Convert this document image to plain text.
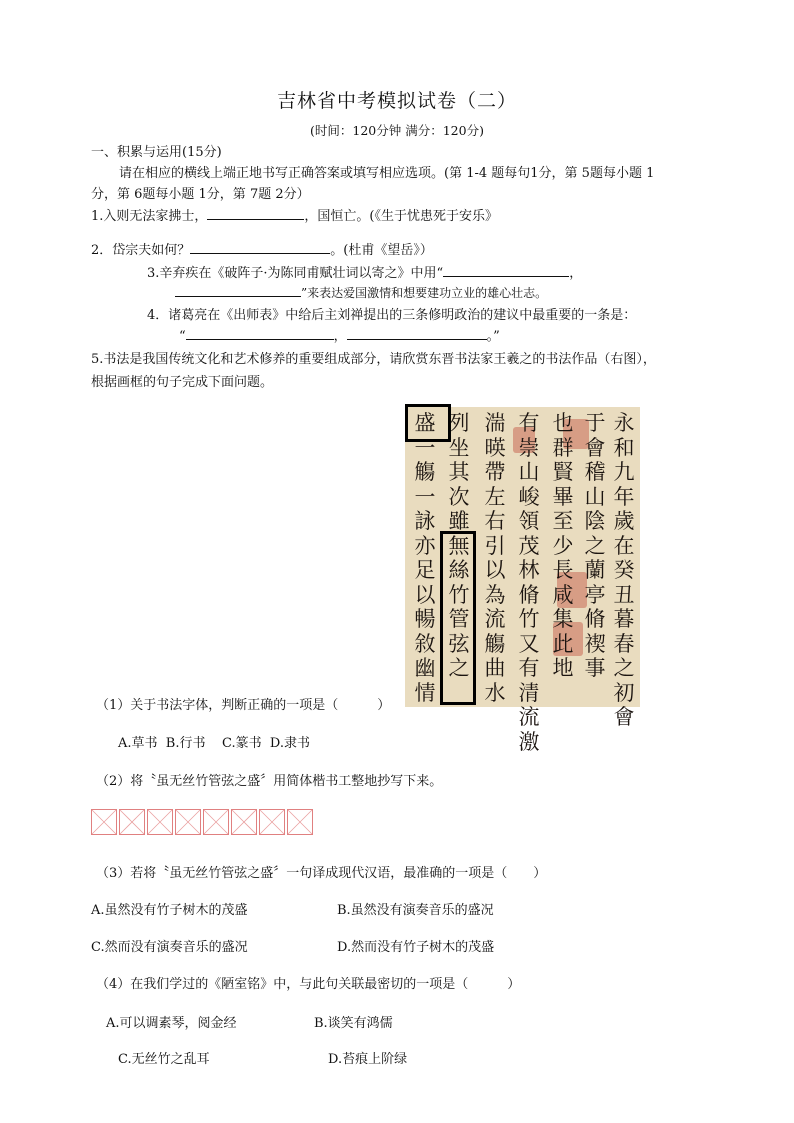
吉林省中考模拟试卷（二）
(时间：120分钟 满分：120分)
一、积累与运用(15分)
请在相应的横线上端正地书写正确答案或填写相应选项。(第 1-4 题每句1分，第 5题每小题 1
分，第 6题每小题 1分，第 7题 2分）
1.入则无法家拂士，	，国恒亡。(《生于忧患死于安乐》
2．岱宗夫如何？	。(杜甫《望岳》）
3.辛弃疾在《破阵子·为陈同甫赋壮词以寄之》中用“	，
”来表达爱国激情和想要建功立业的雄心壮志。
4．诸葛亮在《出师表》中给后主刘禅提出的三条修明政治的建议中最重要的一条是：
“	，	。”
5.书法是我国传统文化和艺术修养的重要组成部分，请欣赏东晋书法家王羲之的书法作品（右图），
根据画框的句子完成下面问题。
永和九年歲在癸丑暮春之初會
于會稽山陰之蘭亭脩禊事
也群賢畢至少長咸集此地
有崇山峻領茂林脩竹又有清流激
湍暎帶左右引以為流觴曲水
列坐其次雖無絲竹管弦之
盛一觴一詠亦足以暢敘幽情
（1）关于书法字体，判断正确的一项是（　　　）
A.草书  B.行书    C.篆书  D.隶书
（2）将〝虽无丝竹管弦之盛〞用简体楷书工整地抄写下来。
（3）若将〝虽无丝竹管弦之盛〞一句译成现代汉语，最准确的一项是（　　）
A.虽然没有竹子树木的茂盛	B.虽然没有演奏音乐的盛况
C.然而没有演奏音乐的盛况	D.然而没有竹子树木的茂盛
（4）在我们学过的《陋室铭》中，与此句关联最密切的一项是（　　　）
A.可以调素琴，阅金经	B.谈笑有鸿儒
C.无丝竹之乱耳	D.苔痕上阶绿
